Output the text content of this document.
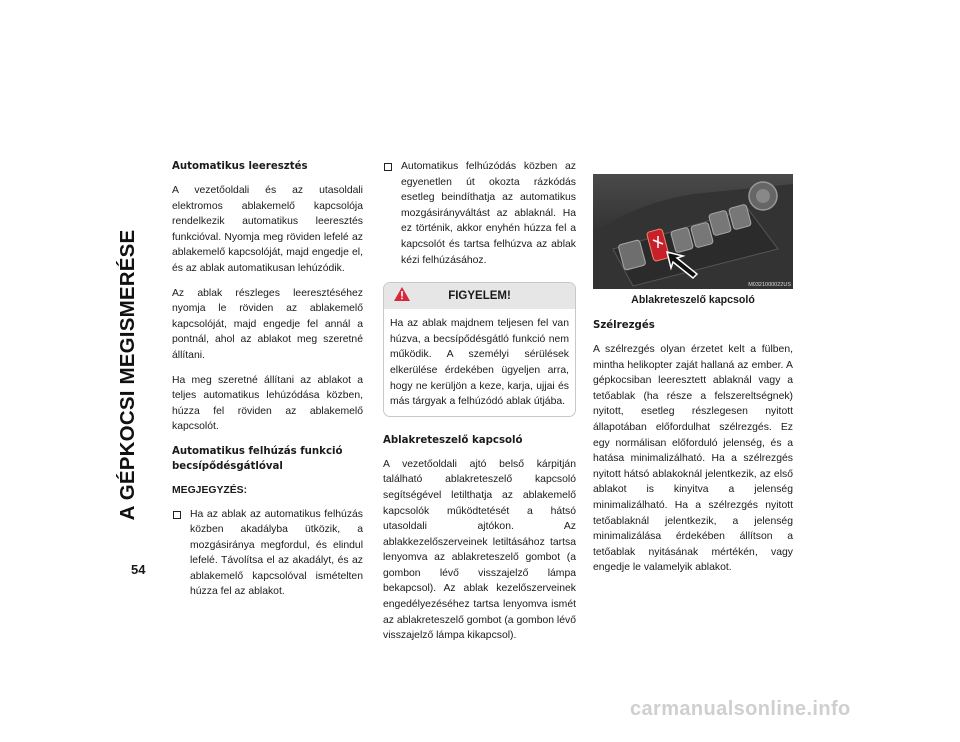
A GÉPKOCSI MEGISMERÉSE
54
Automatikus leeresztés

A vezetőoldali és az utasoldali elektromos ablakemelő kapcsolója rendelkezik automatikus leeresztés funkcióval. Nyomja meg röviden lefelé az ablakemelő kapcsolóját, majd engedje el, és az ablak automatikusan lehúzódik.

Az ablak részleges leeresztéséhez nyomja le röviden az ablakemelő kapcsolóját, majd engedje fel annál a pontnál, ahol az ablakot meg szeretné állítani.

Ha meg szeretné állítani az ablakot a teljes automatikus lehúzódása közben, húzza fel röviden az ablakemelő kapcsolót.

Automatikus felhúzás funkció becsípődésgátlóval
MEGJEGYZÉS:
Ha az ablak az automatikus felhúzás közben akadályba ütközik, a mozgásiránya megfordul, és elindul lefelé. Távolítsa el az akadályt, és az ablakemelő kapcsolóval ismételten húzza fel az ablakot.
Automatikus felhúzódás közben az egyenetlen út okozta rázkódás esetleg beindíthatja az automatikus mozgásirányváltást az ablaknál. Ha ez történik, akkor enyhén húzza fel a kapcsolót és tartsa felhúzva az ablak kézi felhúzásához.
FIGYELEM!
Ha az ablak majdnem teljesen fel van húzva, a becsípődésgátló funkció nem működik. A személyi sérülések elkerülése érdekében ügyeljen arra, hogy ne kerüljön a keze, karja, ujjai és más tárgyak a felhúzódó ablak útjába.
Ablakreteszelő kapcsoló

A vezetőoldali ajtó belső kárpitján található ablakreteszelő kapcsoló segítségével letilthatja az ablakemelő kapcsolók működtetését a hátsó utasoldali ajtókon. Az ablakkezelőszerveinek letiltásához tartsa lenyomva az ablakreteszelő gombot (a gombon lévő visszajelző lámpa bekapcsol). Az ablak kezelőszerveinek engedélyezéséhez tartsa lenyomva ismét az ablakreteszelő gombot (a gombon lévő visszajelző lámpa kikapcsol).

M0321000022US
Ablakreteszelő kapcsoló
Szélrezgés

A szélrezgés olyan érzetet kelt a fülben, mintha helikopter zaját hallaná az ember. A gépkocsiban leeresztett ablaknál vagy a tetőablak (ha része a felszereltségnek) nyitott, esetleg részlegesen nyitott állapotában előfordulhat szélrezgés. Ez egy normálisan előforduló jelenség, és a hatása minimalizálható. Ha a szélrezgés nyitott hátsó ablakoknál jelentkezik, az első ablakot is kinyitva a jelenség minimalizálható. Ha a szélrezgés nyitott tetőablaknál jelentkezik, a jelenség minimalizálása érdekében állítson a tetőablak nyitásának mértékén, vagy engedje le valamelyik ablakot.

carmanualsonline.info
